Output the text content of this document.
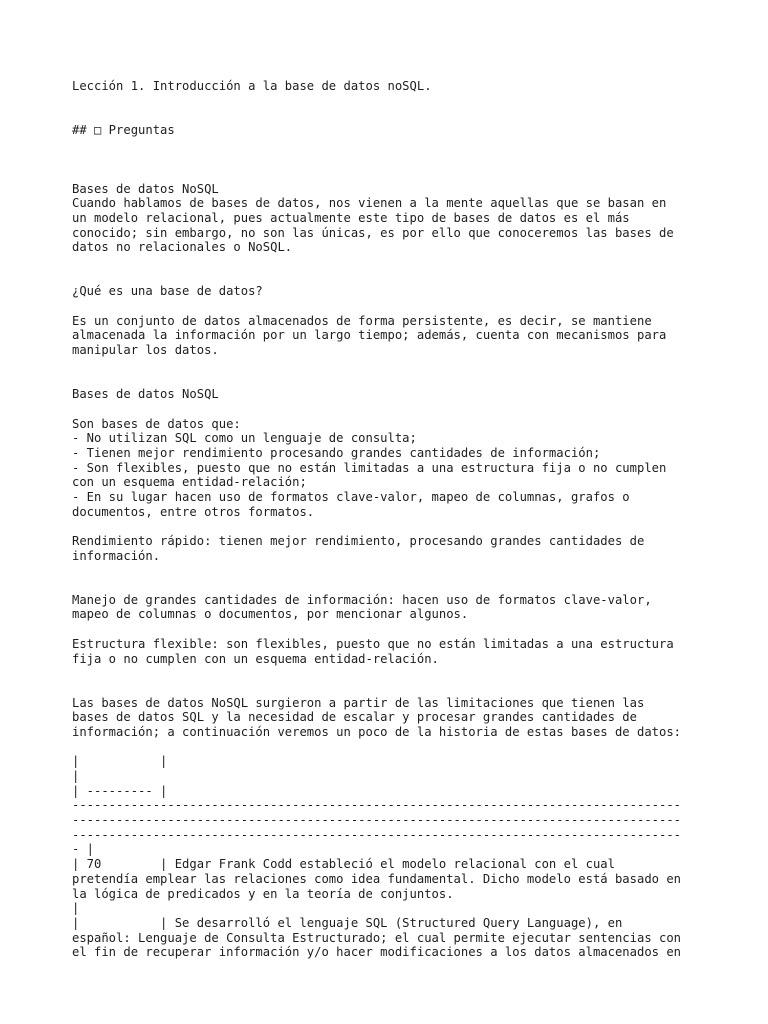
Lección 1. Introducción a la base de datos noSQL.
## □ Preguntas
Bases de datos NoSQL
Cuando hablamos de bases de datos, nos vienen a la mente aquellas que se basan en
un modelo relacional, pues actualmente este tipo de bases de datos es el más
conocido; sin embargo, no son las únicas, es por ello que conoceremos las bases de
datos no relacionales o NoSQL.
¿Qué es una base de datos?
Es un conjunto de datos almacenados de forma persistente, es decir, se mantiene
almacenada la información por un largo tiempo; además, cuenta con mecanismos para
manipular los datos.
Bases de datos NoSQL
Son bases de datos que:
- No utilizan SQL como un lenguaje de consulta;
- Tienen mejor rendimiento procesando grandes cantidades de información;
- Son flexibles, puesto que no están limitadas a una estructura fija o no cumplen
con un esquema entidad-relación;
- En su lugar hacen uso de formatos clave-valor, mapeo de columnas, grafos o
documentos, entre otros formatos.
Rendimiento rápido: tienen mejor rendimiento, procesando grandes cantidades de
información.
Manejo de grandes cantidades de información: hacen uso de formatos clave-valor,
mapeo de columnas o documentos, por mencionar algunos.
Estructura flexible: son flexibles, puesto que no están limitadas a una estructura
fija o no cumplen con un esquema entidad-relación.
Las bases de datos NoSQL surgieron a partir de las limitaciones que tienen las
bases de datos SQL y la necesidad de escalar y procesar grandes cantidades de
información; a continuación veremos un poco de la historia de estas bases de datos:
|           |
|
| --------- |
-----------------------------------------------------------------------------------
-----------------------------------------------------------------------------------
-----------------------------------------------------------------------------------
- |
| 70        | Edgar Frank Codd estableció el modelo relacional con el cual
pretendía emplear las relaciones como idea fundamental. Dicho modelo está basado en
la lógica de predicados y en la teoría de conjuntos.
|
|           | Se desarrolló el lenguaje SQL (Structured Query Language), en
español: Lenguaje de Consulta Estructurado; el cual permite ejecutar sentencias con
el fin de recuperar información y/o hacer modificaciones a los datos almacenados en
